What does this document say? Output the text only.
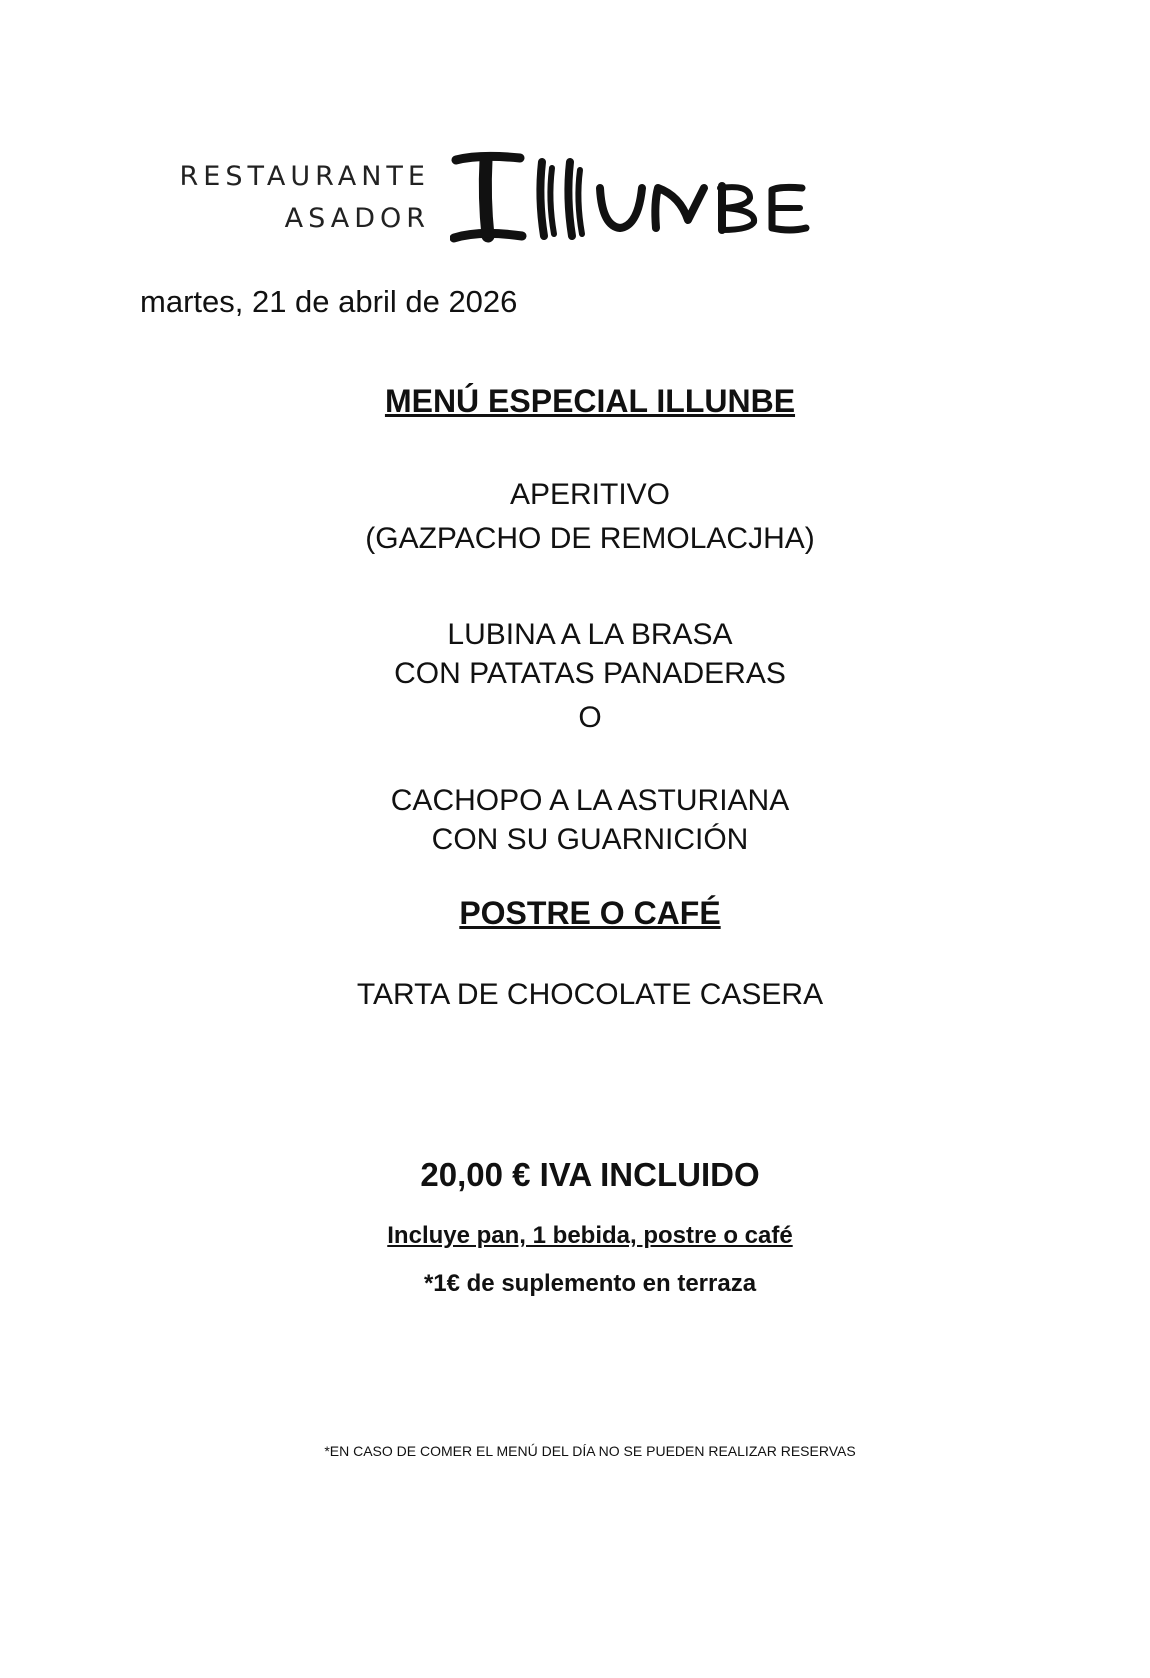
RESTAURANTE
ASADOR
martes, 21 de abril de 2026
MENÚ ESPECIAL ILLUNBE
APERITIVO
(GAZPACHO DE REMOLACJHA)
LUBINA A LA BRASA
CON PATATAS PANADERAS
O
CACHOPO A LA ASTURIANA
CON SU GUARNICIÓN
POSTRE O CAFÉ
TARTA DE CHOCOLATE CASERA
20,00 € IVA INCLUIDO
Incluye pan, 1 bebida, postre o café
*1€ de suplemento en terraza
*EN CASO DE COMER EL MENÚ DEL DÍA NO SE PUEDEN REALIZAR RESERVAS
